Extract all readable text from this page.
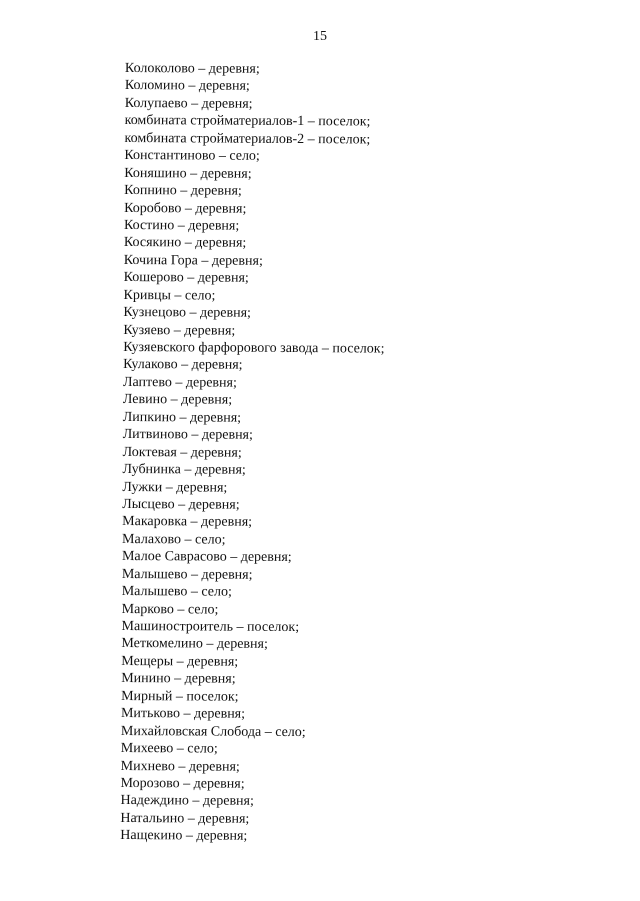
15
Колоколово – деревня;
Коломино – деревня;
Колупаево – деревня;
комбината стройматериалов-1 – поселок;
комбината стройматериалов-2 – поселок;
Константиново – село;
Коняшино – деревня;
Копнино – деревня;
Коробово – деревня;
Костино – деревня;
Косякино – деревня;
Кочина Гора – деревня;
Кошерово – деревня;
Кривцы – село;
Кузнецово – деревня;
Кузяево – деревня;
Кузяевского фарфорового завода – поселок;
Кулаково – деревня;
Лаптево – деревня;
Левино – деревня;
Липкино – деревня;
Литвиново – деревня;
Локтевая – деревня;
Лубнинка – деревня;
Лужки – деревня;
Лысцево – деревня;
Макаровка – деревня;
Малахово – село;
Малое Саврасово – деревня;
Малышево – деревня;
Малышево – село;
Марково – село;
Машиностроитель – поселок;
Меткомелино – деревня;
Мещеры – деревня;
Минино – деревня;
Мирный – поселок;
Митьково – деревня;
Михайловская Слобода – село;
Михеево – село;
Михнево – деревня;
Морозово – деревня;
Надеждино – деревня;
Натальино – деревня;
Нащекино – деревня;
